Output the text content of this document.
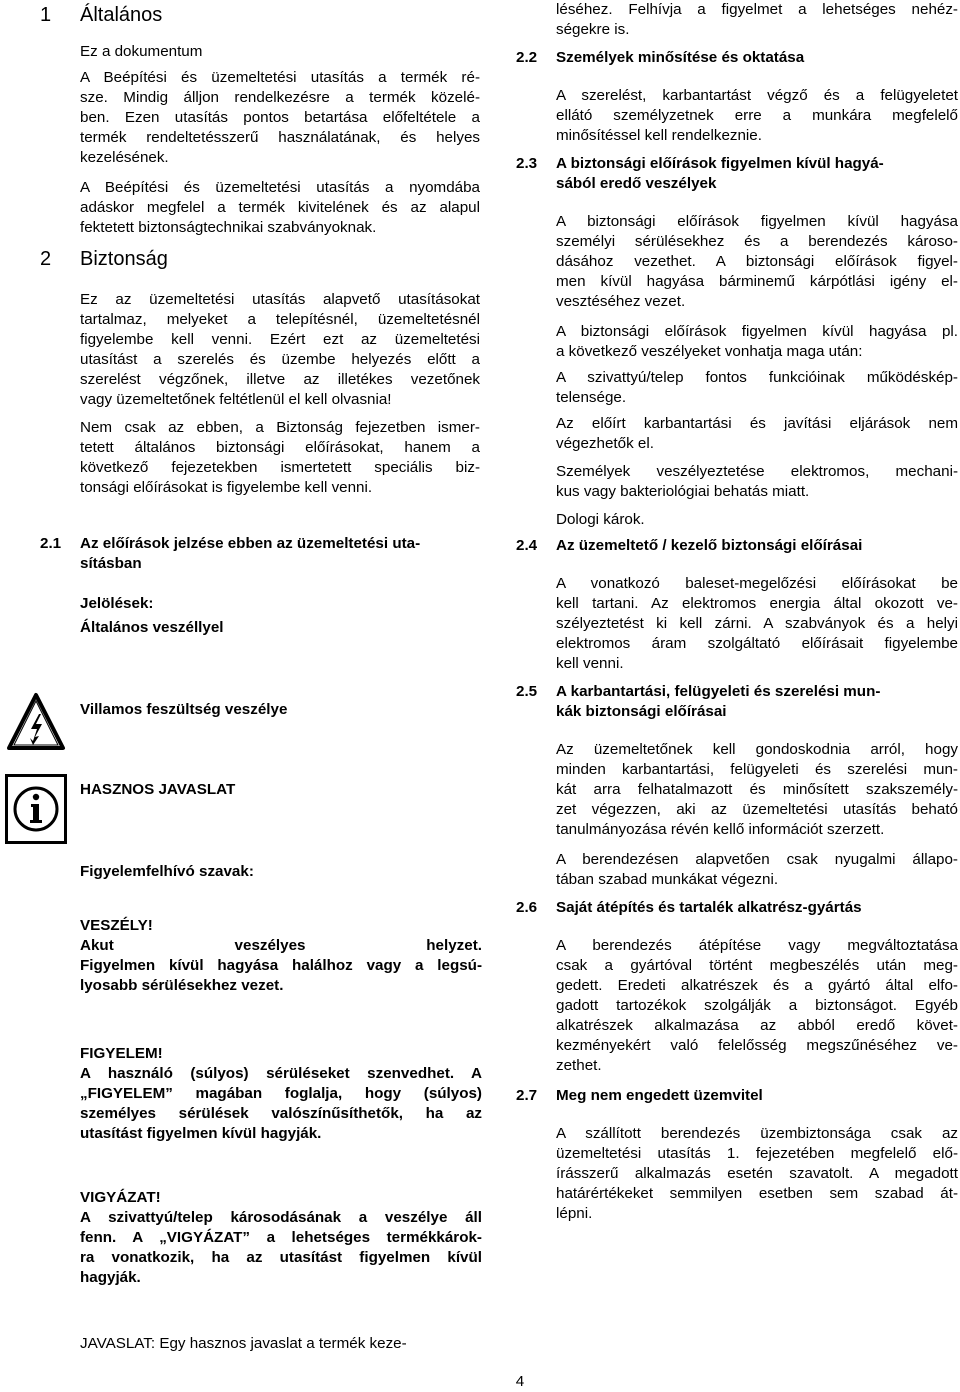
1 Általános
Ez a dokumentum
A Beépítési és üzemeltetési utasítás a termék ré-
sze. Mindig álljon rendelkezésre a termék közelé-
ben. Ezen utasítás pontos betartása előfeltétele a
termék rendeltetésszerű használatának, és helyes
kezelésének.
A Beépítési és üzemeltetési utasítás a nyomdába
adáskor megfelel a termék kivitelének és az alapul
fektetett biztonságtechnikai szabványoknak.
2 Biztonság
Ez az üzemeltetési utasítás alapvető utasításokat
tartalmaz, melyeket a telepítésnél, üzemeltetésnél
figyelembe kell venni. Ezért ezt az üzemeltetési
utasítást a szerelés és üzembe helyezés előtt a
szerelést végzőnek, illetve az illetékes vezetőnek
vagy üzemeltetőnek feltétlenül el kell olvasnia!
Nem csak az ebben, a Biztonság fejezetben ismer-
tetett általános biztonsági előírásokat, hanem a
következő fejezetekben ismertetett speciális biz-
tonsági előírásokat is figyelembe kell venni.
2.1 Az előírások jelzése ebben az üzemeltetési uta-
sításban
Jelölések:
Általános veszéllyel
Villamos feszültség veszélye
HASZNOS JAVASLAT
Figyelemfelhívó szavak:
VESZÉLY!
Akut veszélyes helyzet.
Figyelmen kívül hagyása halálhoz vagy a legsú-
lyosabb sérülésekhez vezet.
FIGYELEM!
A használó (súlyos) sérüléseket szenvedhet. A
„FIGYELEM” magában foglalja, hogy (súlyos)
személyes sérülések valószínűsíthetők, ha az
utasítást figyelmen kívül hagyják.
VIGYÁZAT!
A szivattyú/telep károsodásának a veszélye áll
fenn. A „VIGYÁZAT” a lehetséges termékkárok-
ra vonatkozik, ha az utasítást figyelmen kívül
hagyják.
JAVASLAT: Egy hasznos javaslat a termék keze-
léséhez. Felhívja a figyelmet a lehetséges nehéz-
ségekre is.
2.2 Személyek minősítése és oktatása
A szerelést, karbantartást végző és a felügyeletet
ellátó személyzetnek erre a munkára megfelelő
minősítéssel kell rendelkeznie.
2.3 A biztonsági előírások figyelmen kívül hagyá-
sából eredő veszélyek
A biztonsági előírások figyelmen kívül hagyása
személyi sérülésekhez és a berendezés károso-
dásához vezethet. A biztonsági előírások figyel-
men kívül hagyása bárminemű kárpótlási igény el-
vesztéséhez vezet.
A biztonsági előírások figyelmen kívül hagyása pl.
a következő veszélyeket vonhatja maga után:
A szivattyú/telep fontos funkcióinak működéskép-
telensége.
Az előírt karbantartási és javítási eljárások nem
végezhetők el.
Személyek veszélyeztetése elektromos, mechani-
kus vagy bakteriológiai behatás miatt.
Dologi károk.
2.4 Az üzemeltető / kezelő biztonsági előírásai
A vonatkozó baleset-megelőzési előírásokat be
kell tartani. Az elektromos energia által okozott ve-
szélyeztetést ki kell zárni. A szabványok és a helyi
elektromos áram szolgáltató előírásait figyelembe
kell venni.
2.5 A karbantartási, felügyeleti és szerelési mun-
kák biztonsági előírásai
Az üzemeltetőnek kell gondoskodnia arról, hogy
minden karbantartási, felügyeleti és szerelési mun-
kát arra felhatalmazott és minősített szakszemély-
zet végezzen, aki az üzemeltetési utasítás beható
tanulmányozása révén kellő információt szerzett.
A berendezésen alapvetően csak nyugalmi állapo-
tában szabad munkákat végezni.
2.6 Saját átépítés és tartalék alkatrész-gyártás
A berendezés átépítése vagy megváltoztatása
csak a gyártóval történt megbeszélés után meg-
gedett. Eredeti alkatrészek és a gyártó által elfo-
gadott tartozékok szolgálják a biztonságot. Egyéb
alkatrészek alkalmazása az abból eredő követ-
kezményekért való felelősség megszűnéséhez ve-
zethet.
2.7 Meg nem engedett üzemvitel
A szállított berendezés üzembiztonsága csak az
üzemeltetési utasítás 1. fejezetében megfelelő elő-
írásszerű alkalmazás esetén szavatolt. A megadott
határértékeket semmilyen esetben sem szabad át-
lépni.
4
